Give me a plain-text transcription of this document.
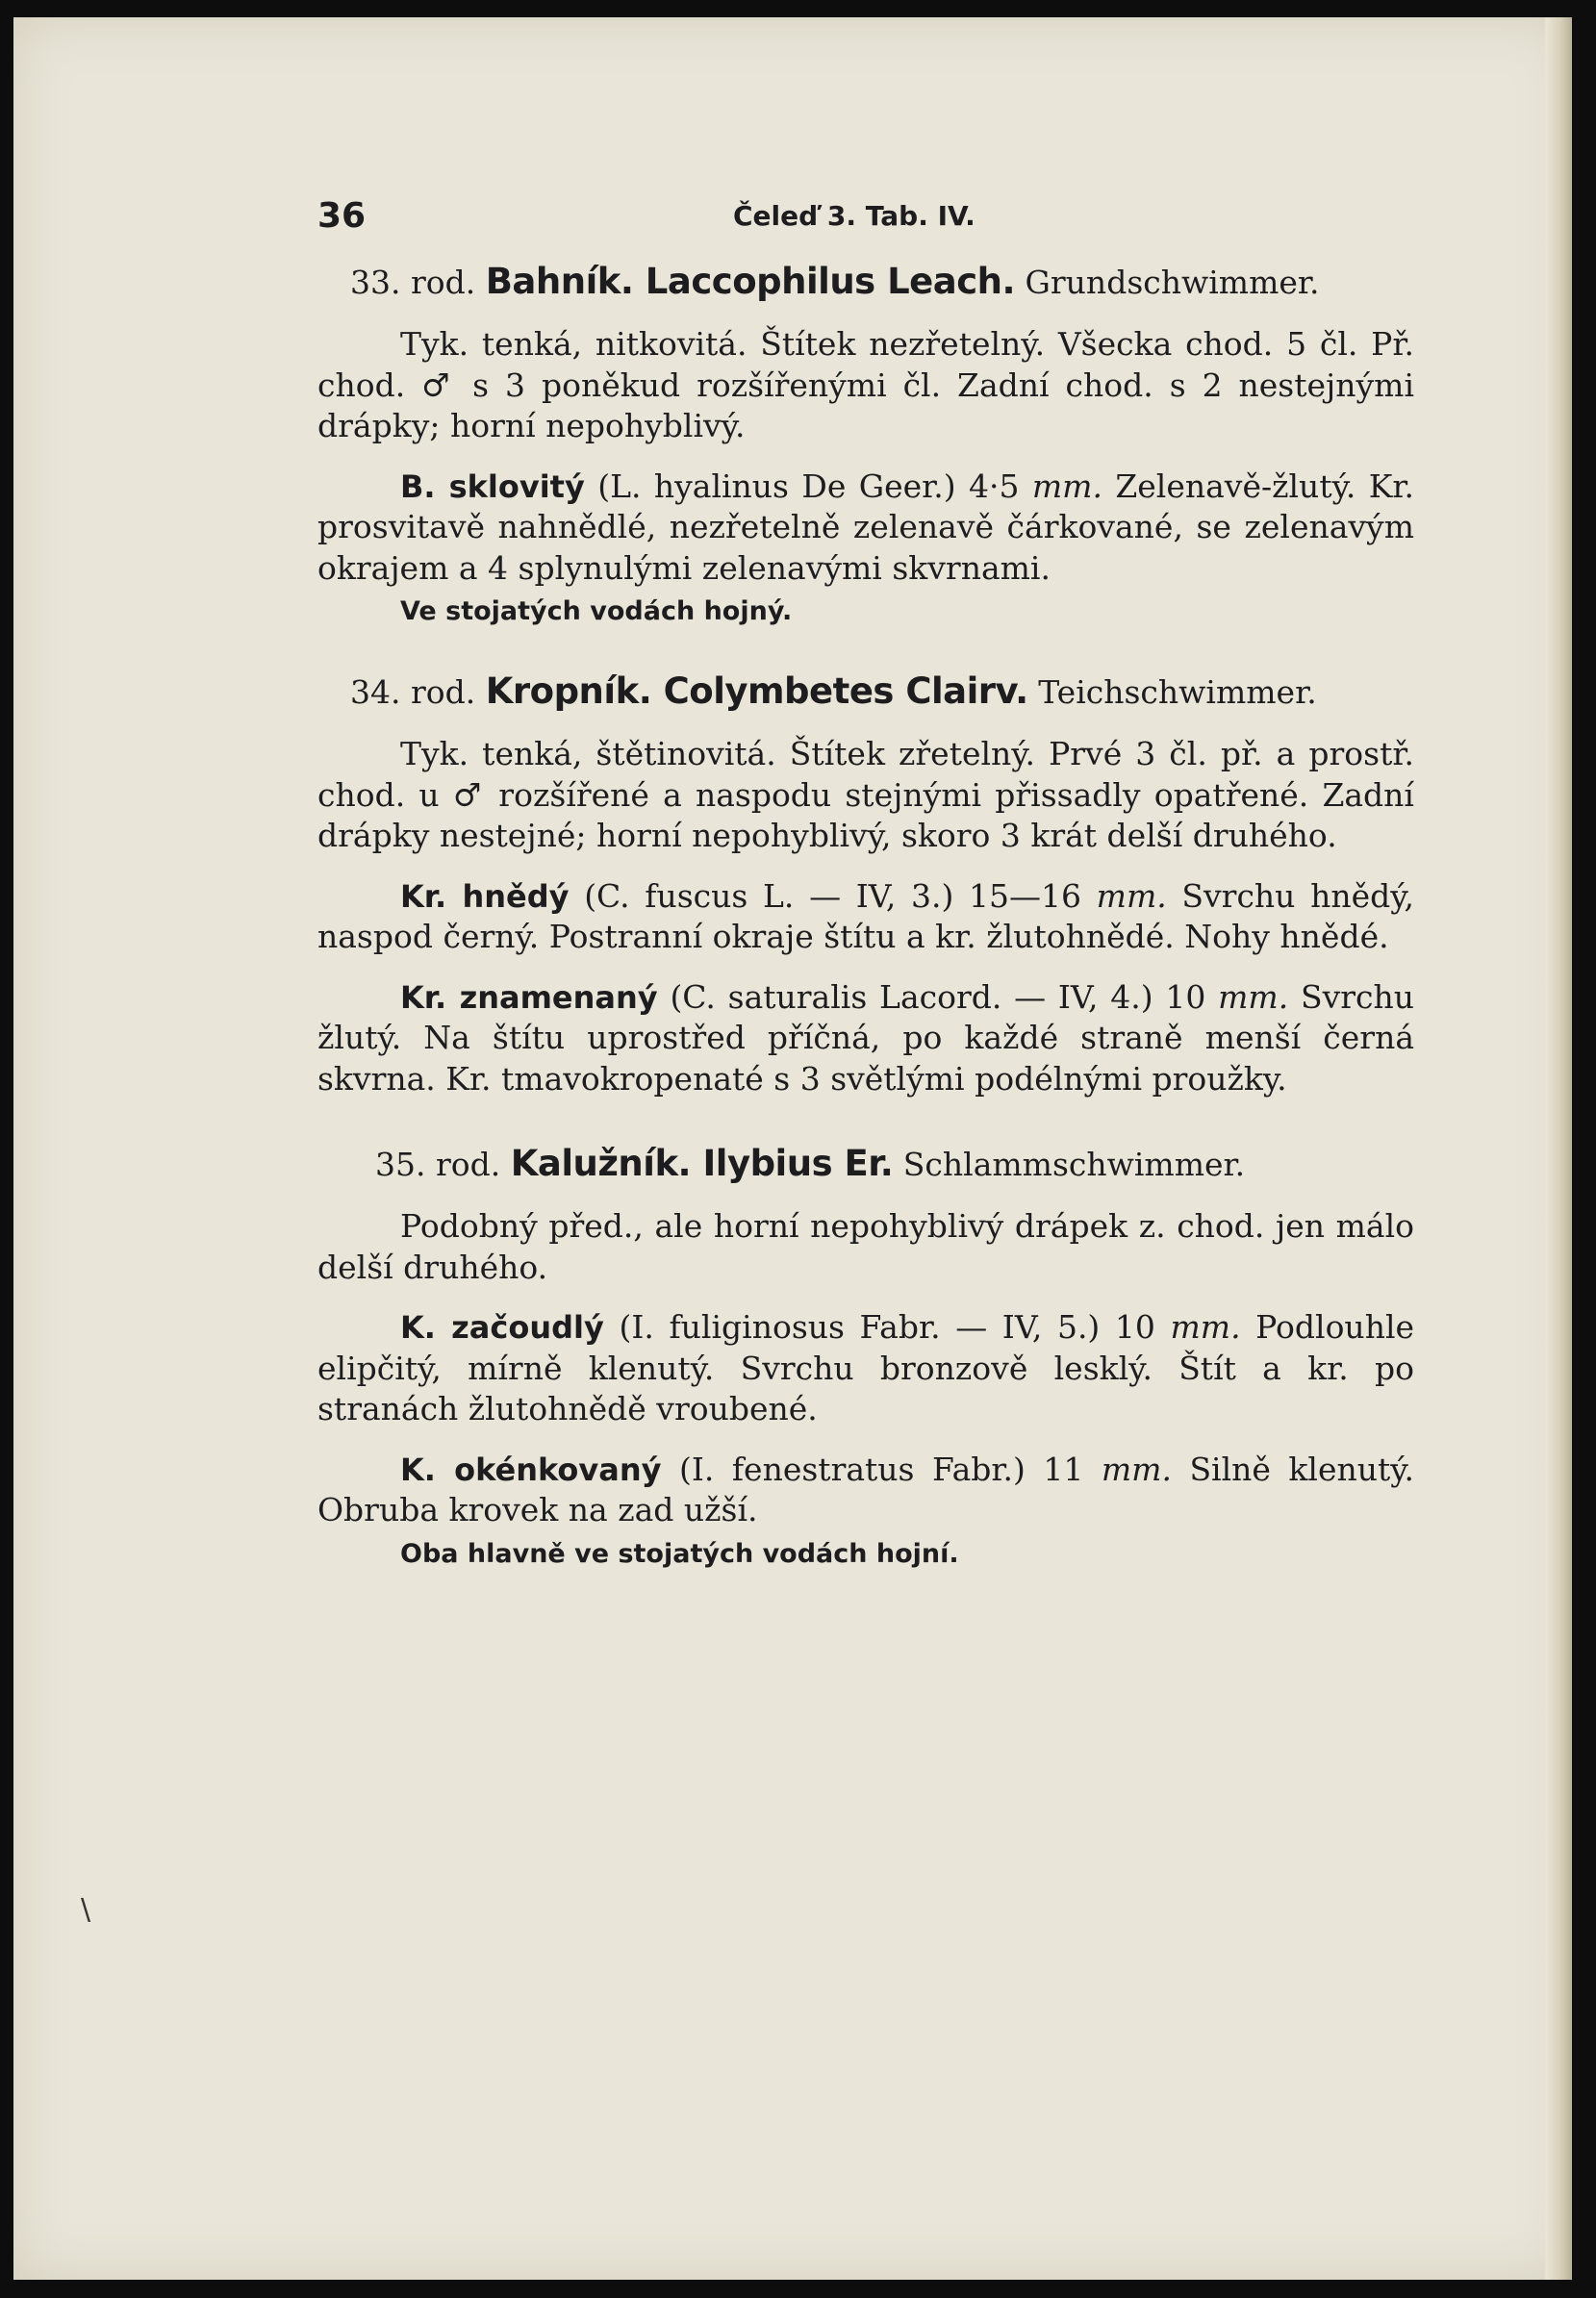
36	Čeleď 3. Tab. IV.

33. rod. Bahník. Laccophilus Leach. Grundschwimmer.

Tyk. tenká, nitkovitá. Štítek nezřetelný. Všecka chod. 5 čl. Př. chod. ♂ s 3 poněkud rozšířenými čl. Zadní chod. s 2 nestejnými drápky; horní nepohyblivý.

B. sklovitý (L. hyalinus De Geer.) 4·5 mm. Zelenavě-žlutý. Kr. prosvitavě nahnědlé, nezřetelně zelenavě čárkované, se zelenavým okrajem a 4 splynulými zelenavými skvrnami.

Ve stojatých vodách hojný.

34. rod. Kropník. Colymbetes Clairv. Teichschwimmer.

Tyk. tenká, štětinovitá. Štítek zřetelný. Prvé 3 čl. př. a prostř. chod. u ♂ rozšířené a naspodu stejnými přissadly opatřené. Zadní drápky nestejné; horní nepohyblivý, skoro 3 krát delší druhého.

Kr. hnědý (C. fuscus L. — IV, 3.) 15—16 mm. Svrchu hnědý, naspod černý. Postranní okraje štítu a kr. žlutohnědé. Nohy hnědé.

Kr. znamenaný (C. saturalis Lacord. — IV, 4.) 10 mm. Svrchu žlutý. Na štítu uprostřed příčná, po každé straně menší černá skvrna. Kr. tmavokropenaté s 3 světlými podélnými proužky.

35. rod. Kalužník. Ilybius Er. Schlammschwimmer.

Podobný před., ale horní nepohyblivý drápek z. chod. jen málo delší druhého.

K. začoudlý (I. fuliginosus Fabr. — IV, 5.) 10 mm. Podlouhle elipčitý, mírně klenutý. Svrchu bronzově lesklý. Štít a kr. po stranách žlutohnědě vroubené.

K. okénkovaný (I. fenestratus Fabr.) 11 mm. Silně klenutý. Obruba krovek na zad užší.

Oba hlavně ve stojatých vodách hojní.

\
